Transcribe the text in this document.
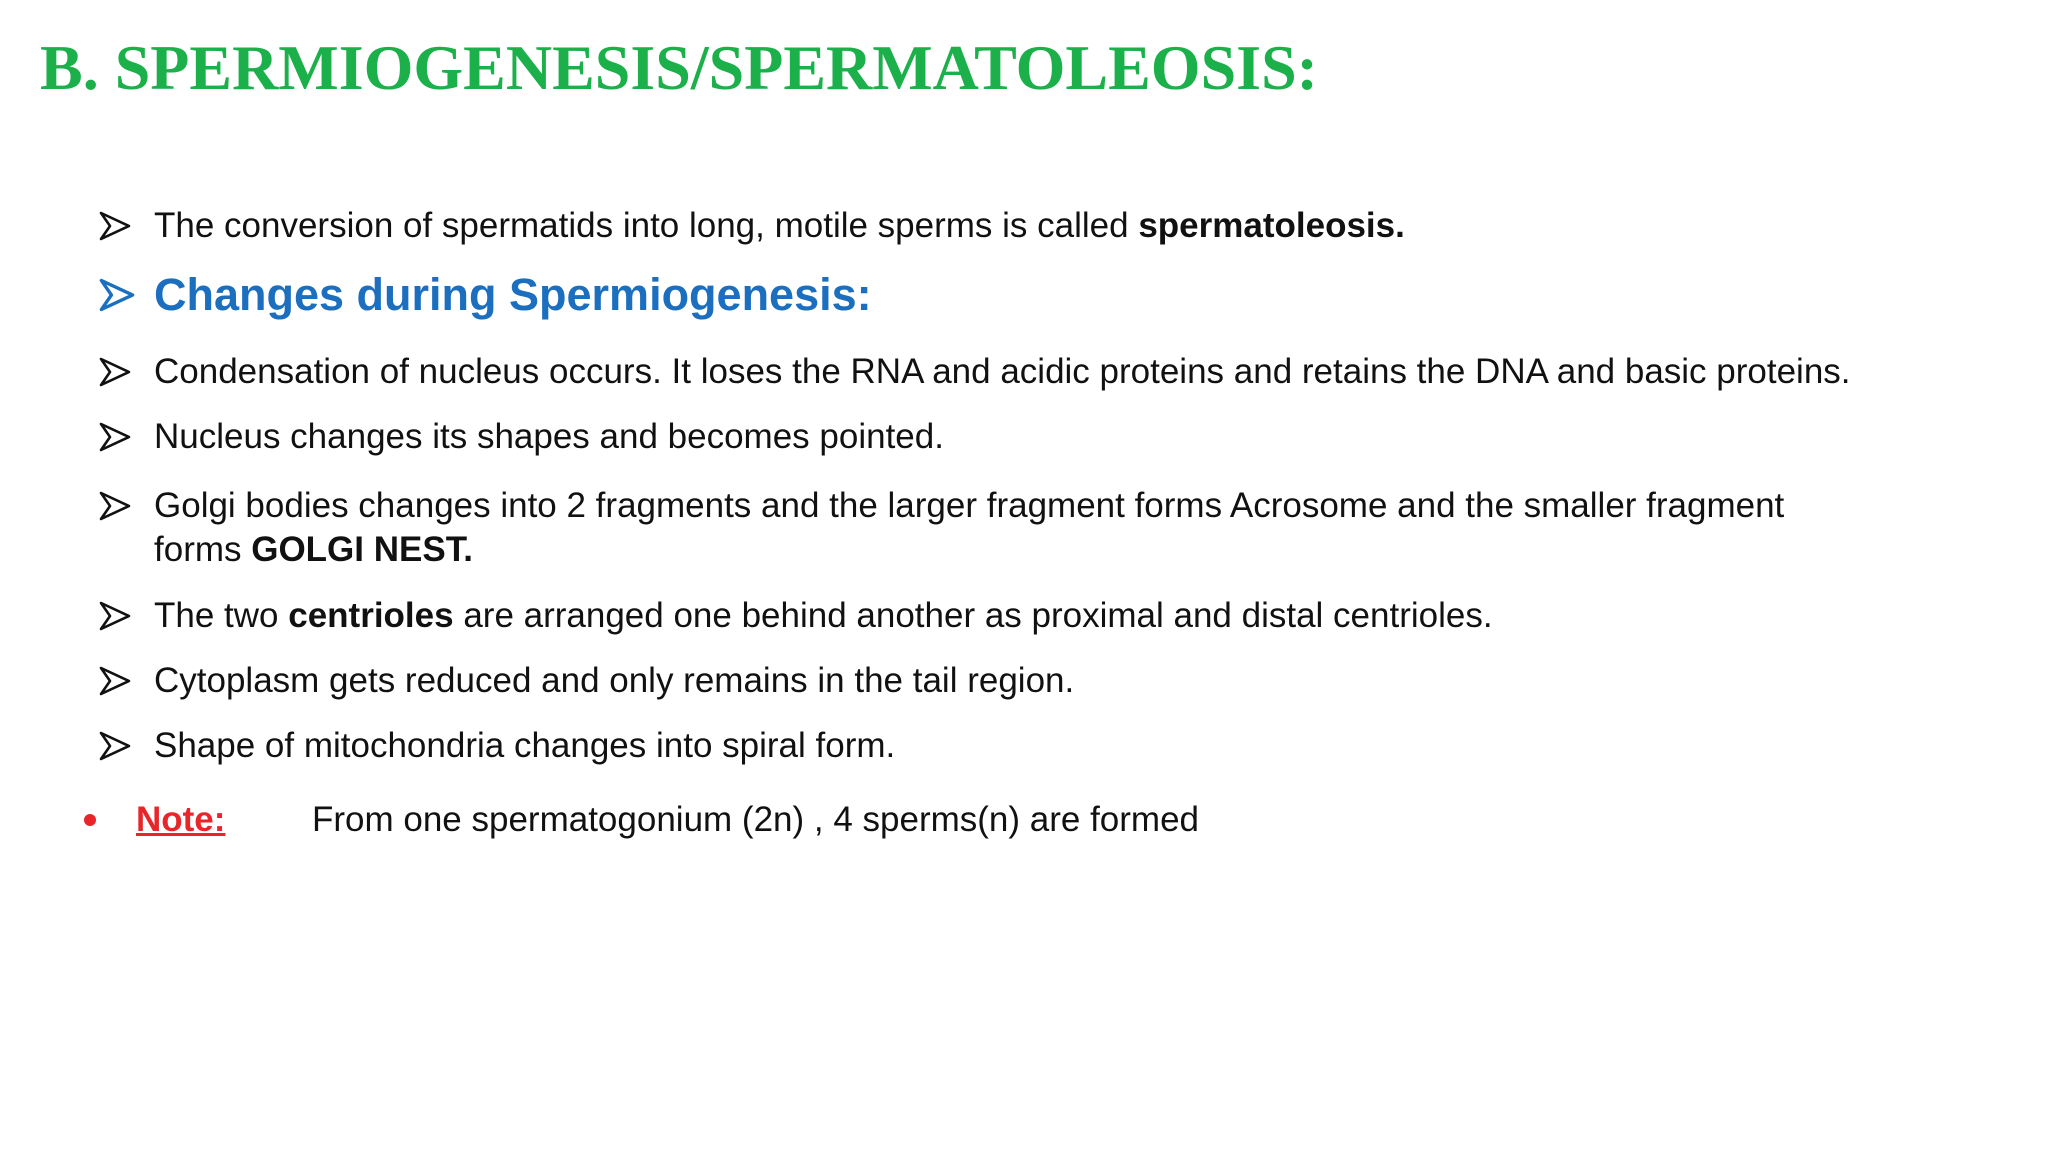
B. SPERMIOGENESIS/SPERMATOLEOSIS:
The conversion of spermatids into long, motile sperms is called spermatoleosis.
Changes during Spermiogenesis:
Condensation of nucleus occurs. It loses the RNA and acidic proteins and retains the DNA and basic proteins.
Nucleus changes its shapes and becomes pointed.
Golgi bodies changes into 2 fragments and the larger fragment forms Acrosome and the smaller fragment
forms GOLGI NEST.
The two centrioles are arranged one behind another as proximal and distal centrioles.
Cytoplasm gets reduced and only remains in the tail region.
Shape of mitochondria changes into spiral form.
Note: From one spermatogonium (2n) , 4 sperms(n) are formed
